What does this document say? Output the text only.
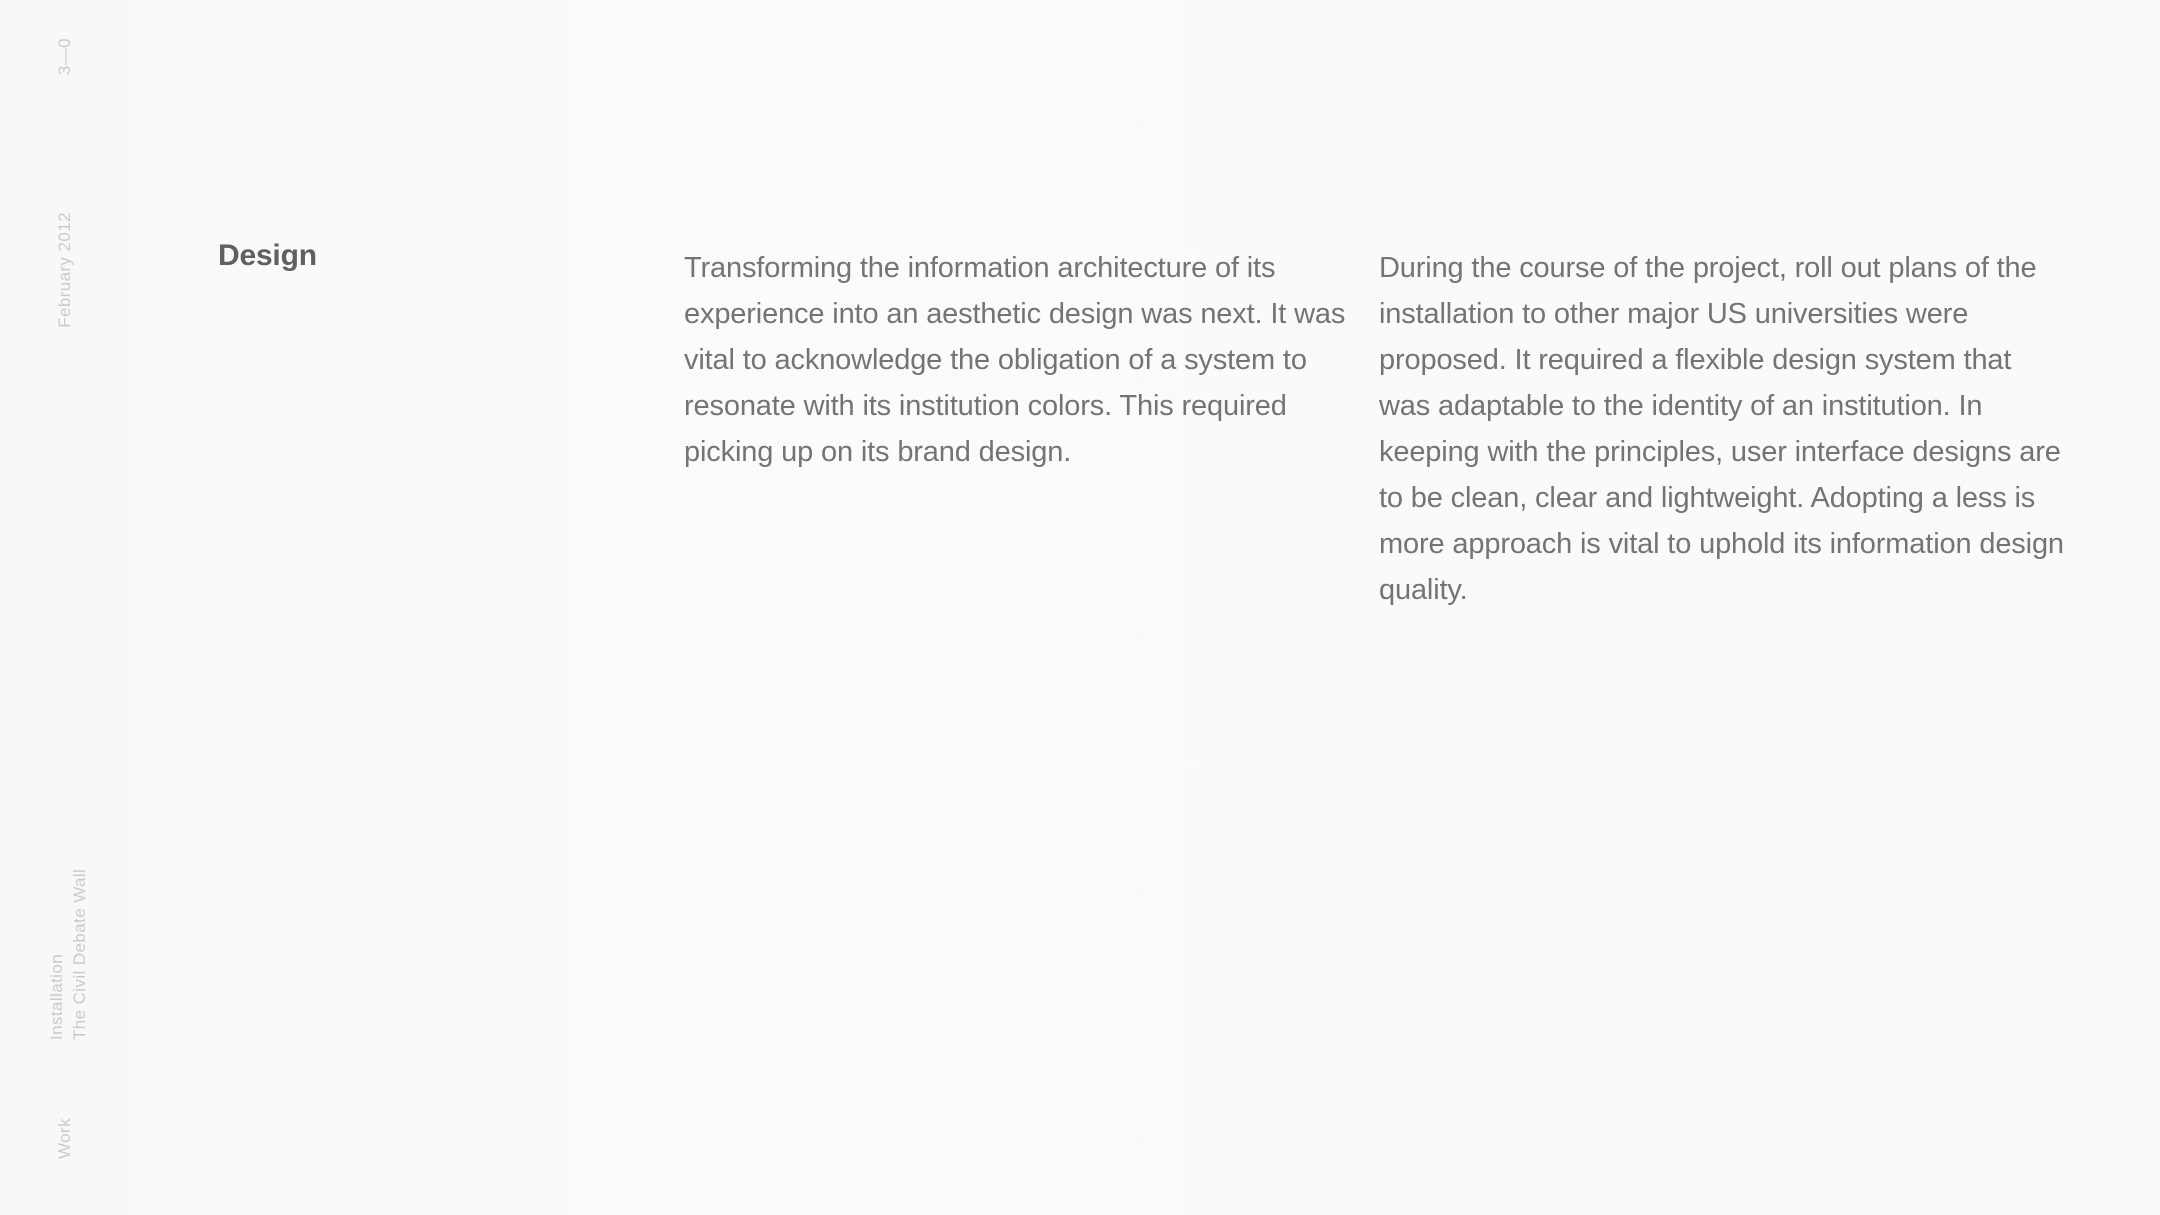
3—0
February 2012
The Civil Debate Wall
Installation
Work
Design	Transforming the information architecture of its experience into an aesthetic design was next. It was vital to acknowledge the obligation of a system to resonate with its institution colors. This required picking up on its brand design.

During the course of the project, roll out plans of the installation to other major US universities were proposed. It required a flexible design system that was adaptable to the identity of an institution. In keeping with the principles, user interface designs are to be clean, clear and lightweight. Adopting a less is more approach is vital to uphold its information design quality.
